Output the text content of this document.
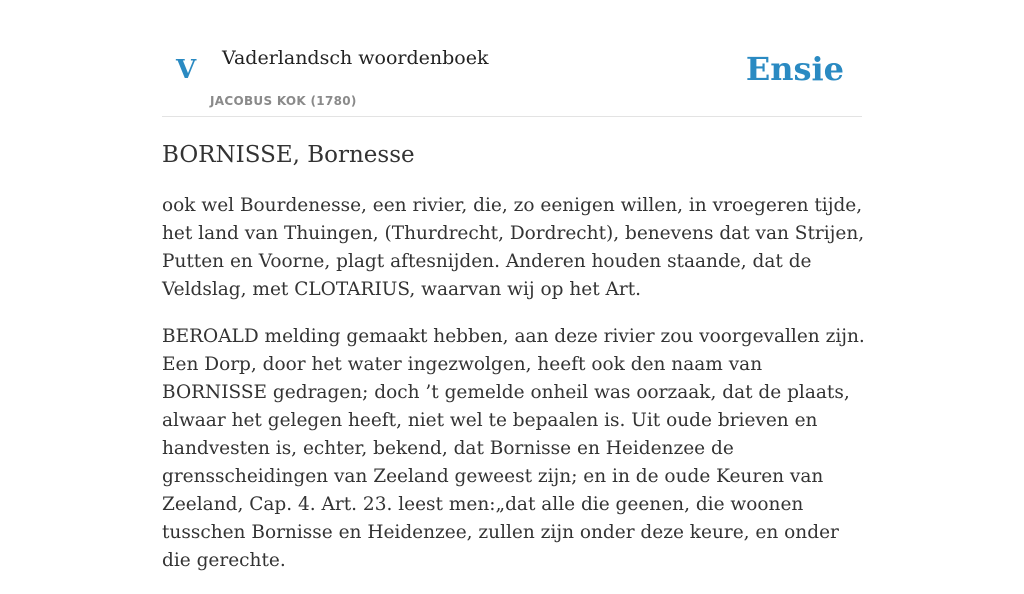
V Vaderlandsch woordenboek
JACOBUS KOK (1780)
Ensie
BORNISSE, Bornesse

ook wel Bourdenesse, een rivier, die, zo eenigen willen, in vroegeren tijde, het land van Thuingen, (Thurdrecht, Dordrecht), benevens dat van Strijen, Putten en Voorne, plagt aftesnijden. Anderen houden staande, dat de Veldslag, met CLOTARIUS, waarvan wij op het Art.

BEROALD melding gemaakt hebben, aan deze rivier zou voorgevallen zijn. Een Dorp, door het water ingezwolgen, heeft ook den naam van BORNISSE gedragen; doch ’t gemelde onheil was oorzaak, dat de plaats, alwaar het gelegen heeft, niet wel te bepaalen is. Uit oude brieven en handvesten is, echter, bekend, dat Bornisse en Heidenzee de grensscheidingen van Zeeland geweest zijn; en in de oude Keuren van Zeeland, Cap. 4. Art. 23. leest men:„dat alle die geenen, die woonen tusschen Bornisse en Heidenzee, zullen zijn onder deze keure, en onder die gerechte.
